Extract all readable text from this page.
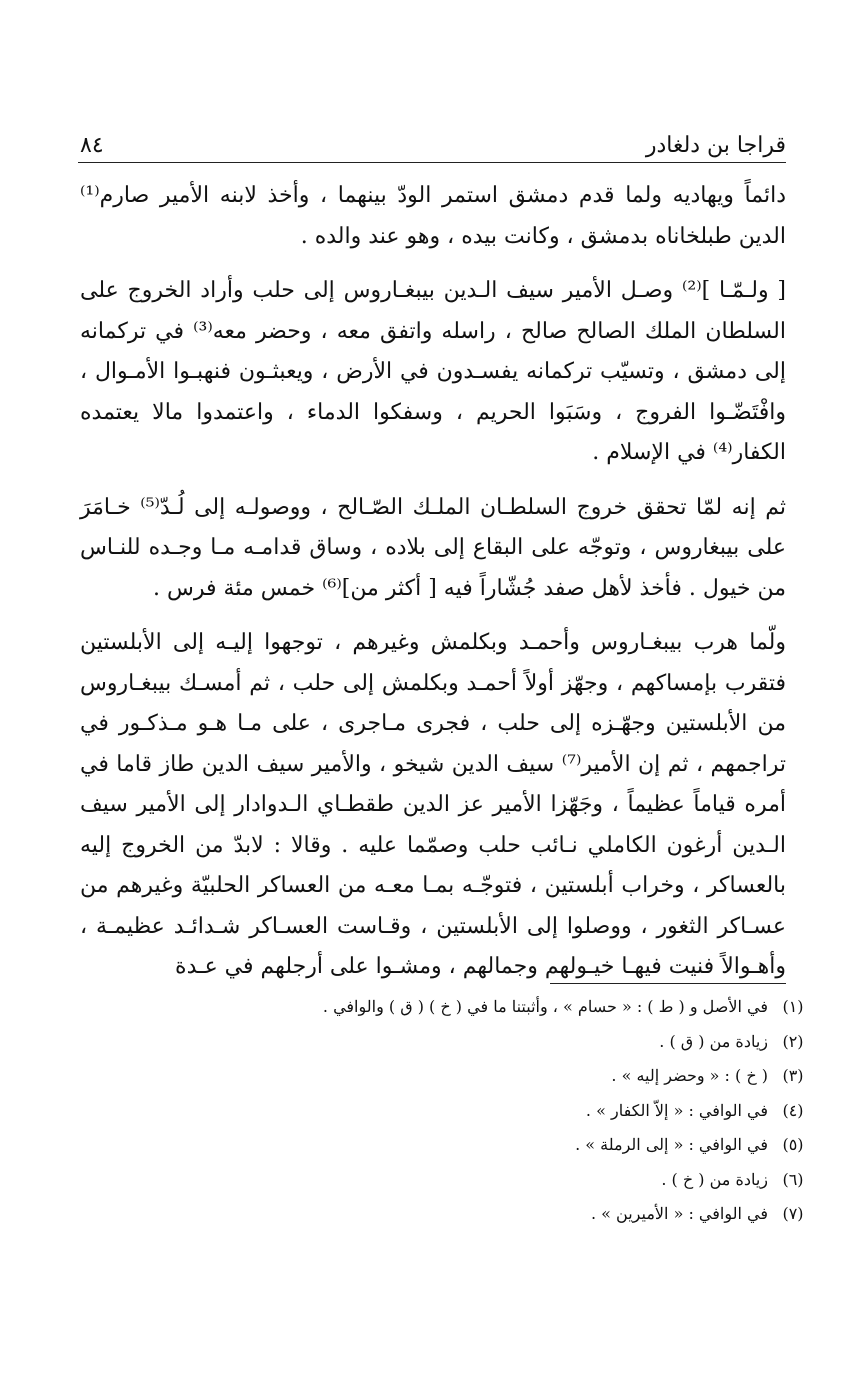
قراجا بن دلغادر
٨٤

دائماً ويهاديه ولما قدم دمشق استمر الودّ بينهما ، وأخذ لابنه الأمير صارم⁽¹⁾ الدين طبلخاناه بدمشق ، وكانت بيده ، وهو عند والده .

[ ولـمّـا ]⁽²⁾ وصـل الأمير سيف الـدين بيبغـاروس إلى حلب وأراد الخروج على السلطان الملك الصالح صالح ، راسله واتفق معه ، وحضر معه⁽³⁾ في تركمانه إلى دمشق ، وتسيّب تركمانه يفسـدون في الأرض ، ويعبثـون فنهبـوا الأمـوال ، وافْتَضّـوا الفروج ، وسَبَوا الحريم ، وسفكوا الدماء ، واعتمدوا مالا يعتمده الكفار⁽⁴⁾ في الإسلام .

ثم إنه لمّا تحقق خروج السلطـان الملـك الصّـالح ، ووصولـه إلى لُـدّ⁽⁵⁾ خـامَرَ على بيبغاروس ، وتوجّه على البقاع إلى بلاده ، وساق قدامـه مـا وجـده للنـاس من خيول . فأخذ لأهل صفد جُشّاراً فيه [ أكثر من]⁽⁶⁾ خمس مئة فرس .

ولّما هرب بيبغـاروس وأحمـد وبكلمش وغيرهم ، توجهوا إليـه إلى الأبلستين فتقرب بإمساكهم ، وجهّز أولاً أحمـد وبكلمش إلى حلب ، ثم أمسـك بيبغـاروس من الأبلستين وجهّـزه إلى حلب ، فجرى مـاجرى ، على مـا هـو مـذكـور في تراجمهم ، ثم إن الأمير⁽⁷⁾ سيف الدين شيخو ، والأمير سيف الدين طاز قاما في أمره قياماً عظيماً ، وجَهّزا الأمير عز الدين طقطـاي الـدوادار إلى الأمير سيف الـدين أرغون الكاملي نـائب حلب وصمّما عليه . وقالا : لابدّ من الخروج إليه بالعساكر ، وخراب أبلستين ، فتوجّـه بمـا معـه من العساكر الحلبيّة وغيرهم من عسـاكر الثغور ، ووصلوا إلى الأبلستين ، وقـاست العسـاكر شـدائـد عظيمـة ، وأهـوالاً فنيت فيهـا خيـولهم وجمالهم ، ومشـوا على أرجلهم في عـدة

(١)
في الأصل و ( ط ) : « حسام » ، وأثبتنا ما في ( خ ) ( ق ) والوافي .
(٢)
زيادة من ( ق ) .
(٣)
( خ ) : « وحضر إليه » .
(٤)
في الوافي : « إلاّ الكفار » .
(٥)
في الوافي : « إلى الرملة » .
(٦)
زيادة من ( خ ) .
(٧)
في الوافي : « الأميرين » .
